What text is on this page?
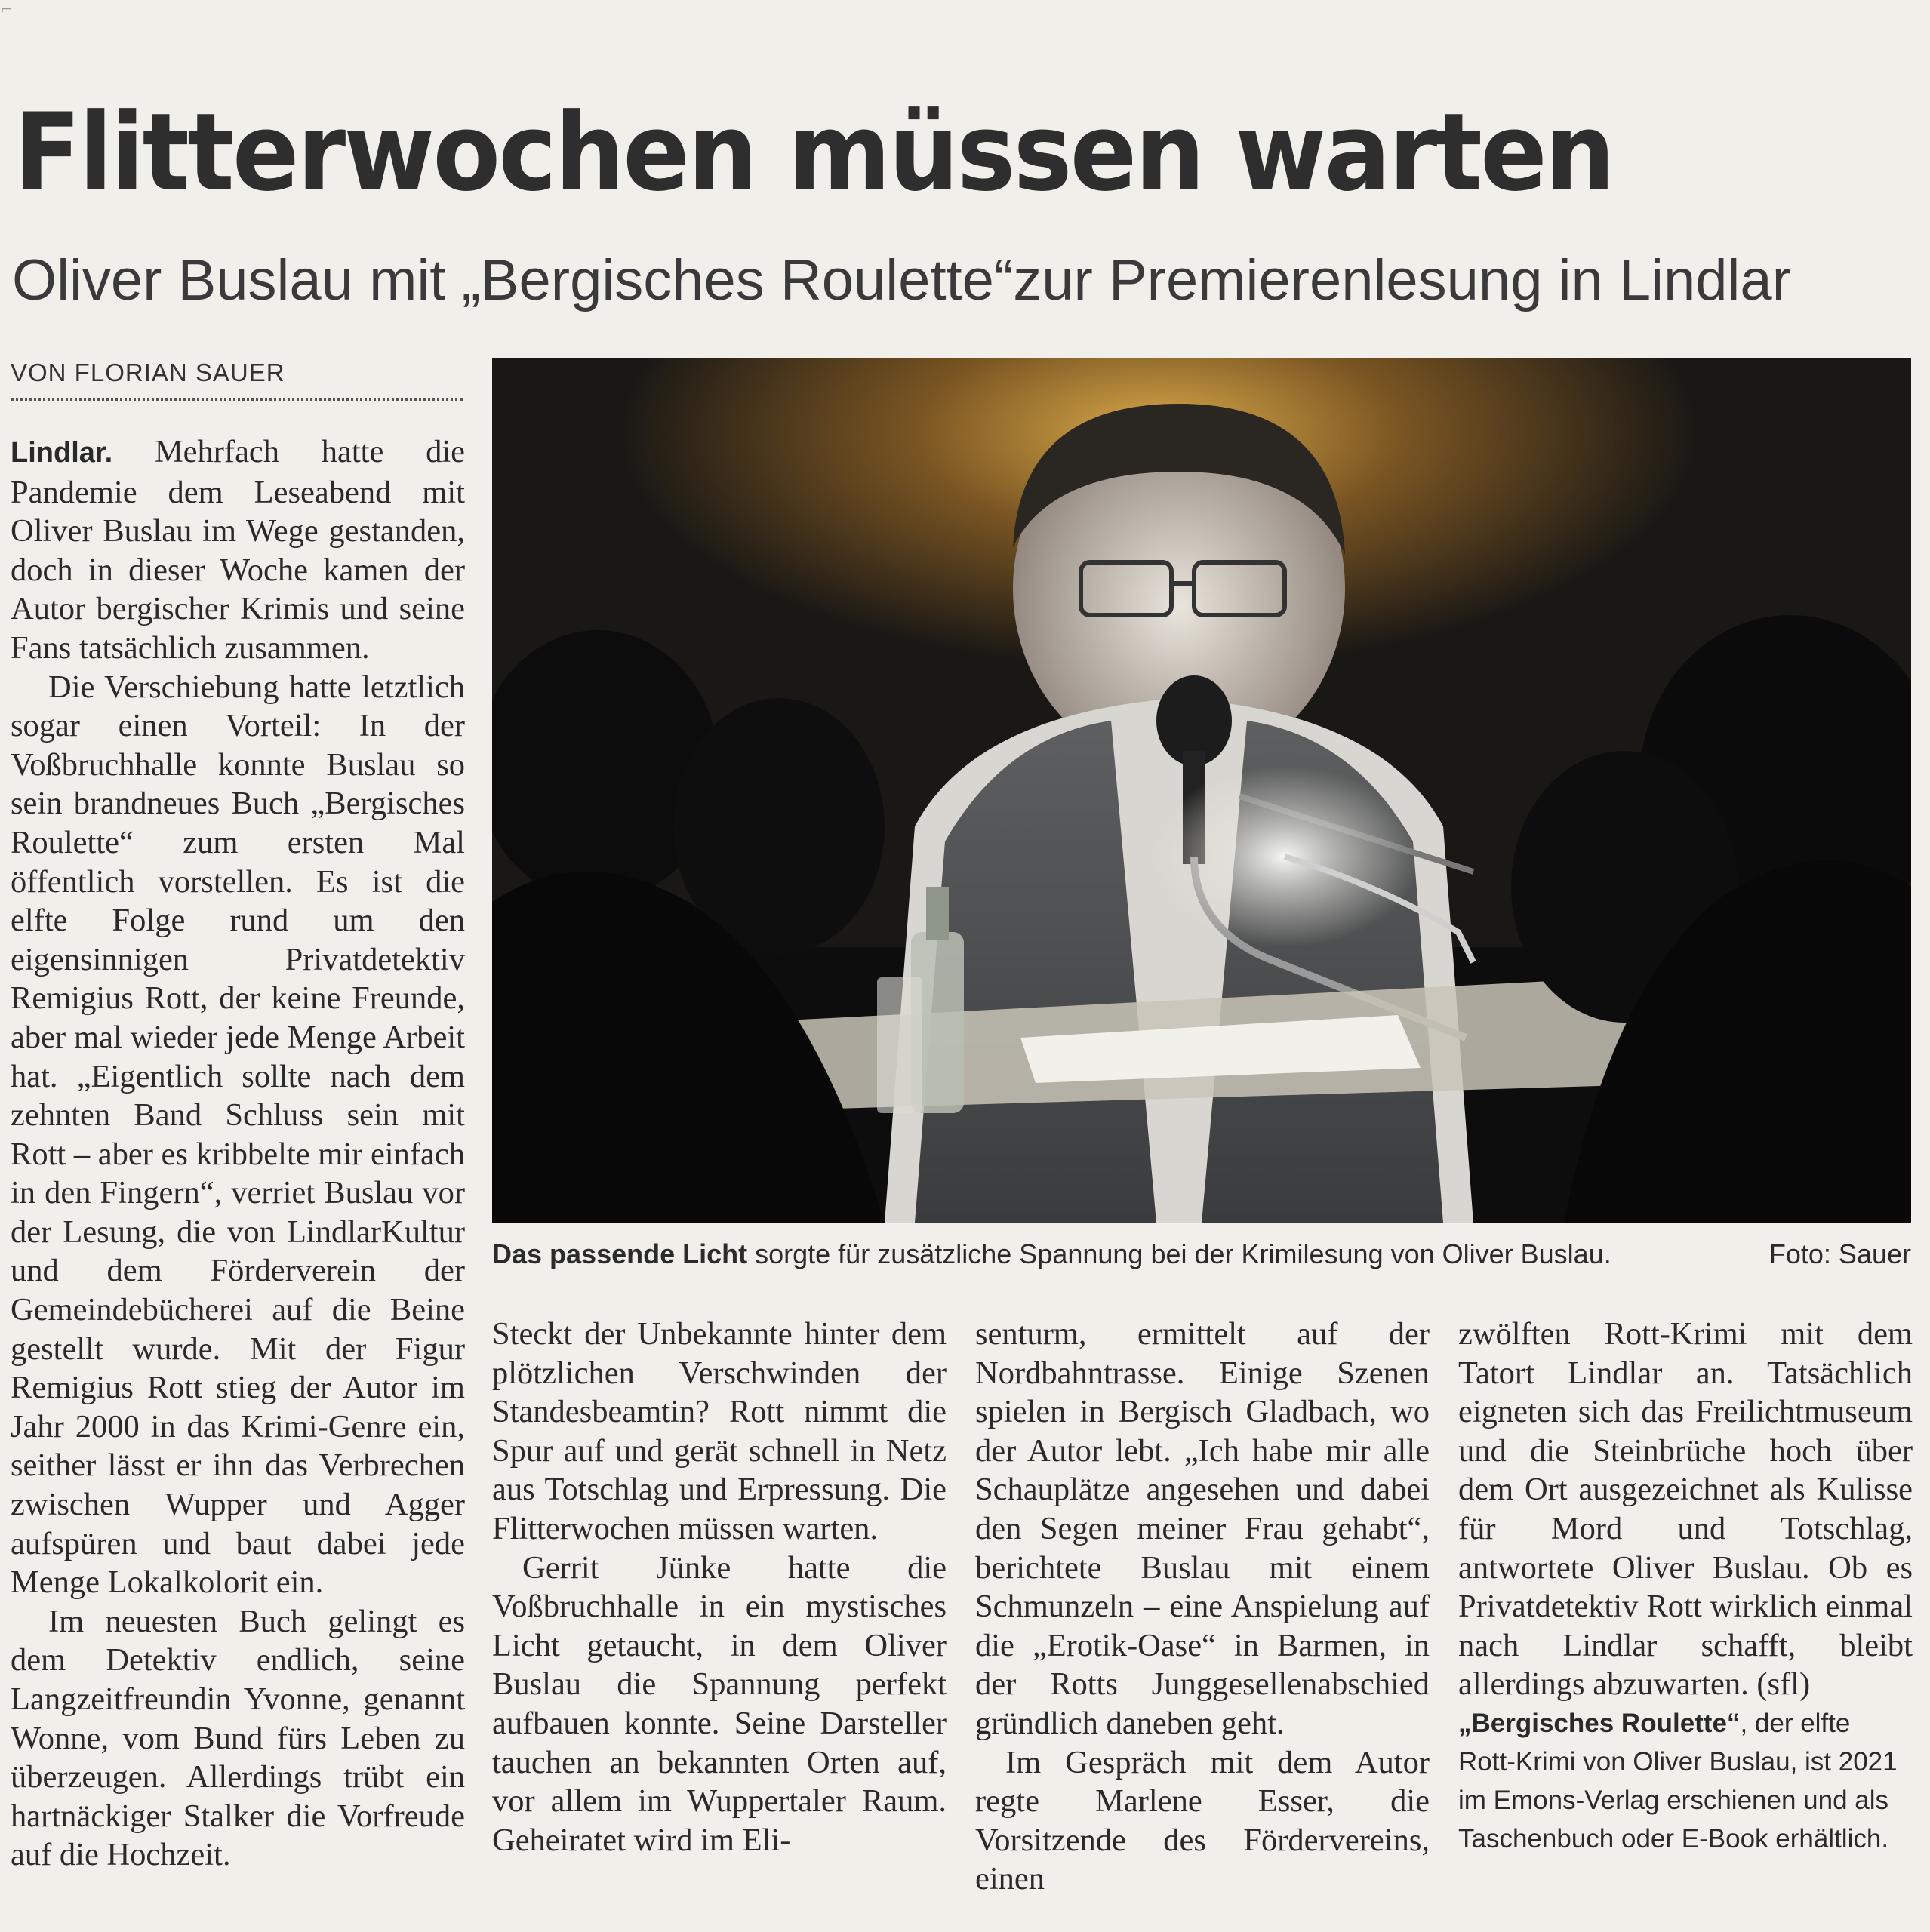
⌐
Flitterwochen müssen warten
Oliver Buslau mit „Bergisches Roulette“zur Premierenlesung in Lindlar
VON FLORIAN SAUER

Lindlar. Mehrfach hatte die Pandemie dem Leseabend mit Oliver Buslau im Wege gestanden, doch in dieser Woche kamen der Autor bergischer Krimis und seine Fans tatsächlich zusammen.

Die Verschiebung hatte letztlich sogar einen Vorteil: In der Voßbruchhalle konnte Buslau so sein brandneues Buch „Bergisches Roulette“ zum ersten Mal öffentlich vorstellen. Es ist die elfte Folge rund um den eigensinnigen Privatdetektiv Remigius Rott, der keine Freunde, aber mal wieder jede Menge Arbeit hat. „Eigentlich sollte nach dem zehnten Band Schluss sein mit Rott – aber es kribbelte mir einfach in den Fingern“, verriet Buslau vor der Lesung, die von LindlarKultur und dem Förderverein der Gemeindebücherei auf die Beine gestellt wurde. Mit der Figur Remigius Rott stieg der Autor im Jahr 2000 in das Krimi-Genre ein, seither lässt er ihn das Verbrechen zwischen Wupper und Agger aufspüren und baut dabei jede Menge Lokalkolorit ein.

Im neuesten Buch gelingt es dem Detektiv endlich, seine Langzeitfreundin Yvonne, genannt Wonne, vom Bund fürs Leben zu überzeugen. Allerdings trübt ein hartnäckiger Stalker die Vorfreude auf die Hochzeit.

Das passende Licht sorgte für zusätzliche Spannung bei der Krimilesung von Oliver Buslau.	Foto: Sauer

Steckt der Unbekannte hinter dem plötzlichen Verschwinden der Standesbeamtin? Rott nimmt die Spur auf und gerät schnell in Netz aus Totschlag und Erpressung. Die Flitterwochen müssen warten.

Gerrit Jünke hatte die Voßbruchhalle in ein mystisches Licht getaucht, in dem Oliver Buslau die Spannung perfekt aufbauen konnte. Seine Darsteller tauchen an bekannten Orten auf, vor allem im Wuppertaler Raum. Geheiratet wird im Eli-

senturm, ermittelt auf der Nordbahntrasse. Einige Szenen spielen in Bergisch Gladbach, wo der Autor lebt. „Ich habe mir alle Schauplätze angesehen und dabei den Segen meiner Frau gehabt“, berichtete Buslau mit einem Schmunzeln – eine Anspielung auf die „Erotik-Oase“ in Barmen, in der Rotts Junggesellenabschied gründlich daneben geht.

Im Gespräch mit dem Autor regte Marlene Esser, die Vorsitzende des Fördervereins, einen

zwölften Rott-Krimi mit dem Tatort Lindlar an. Tatsächlich eigneten sich das Freilichtmuseum und die Steinbrüche hoch über dem Ort ausgezeichnet als Kulisse für Mord und Totschlag, antwortete Oliver Buslau. Ob es Privatdetektiv Rott wirklich einmal nach Lindlar schafft, bleibt allerdings abzuwarten. (sfl)

„Bergisches Roulette“, der elfte Rott-Krimi von Oliver Buslau, ist 2021 im Emons-Verlag erschienen und als Taschenbuch oder E-Book erhältlich.
